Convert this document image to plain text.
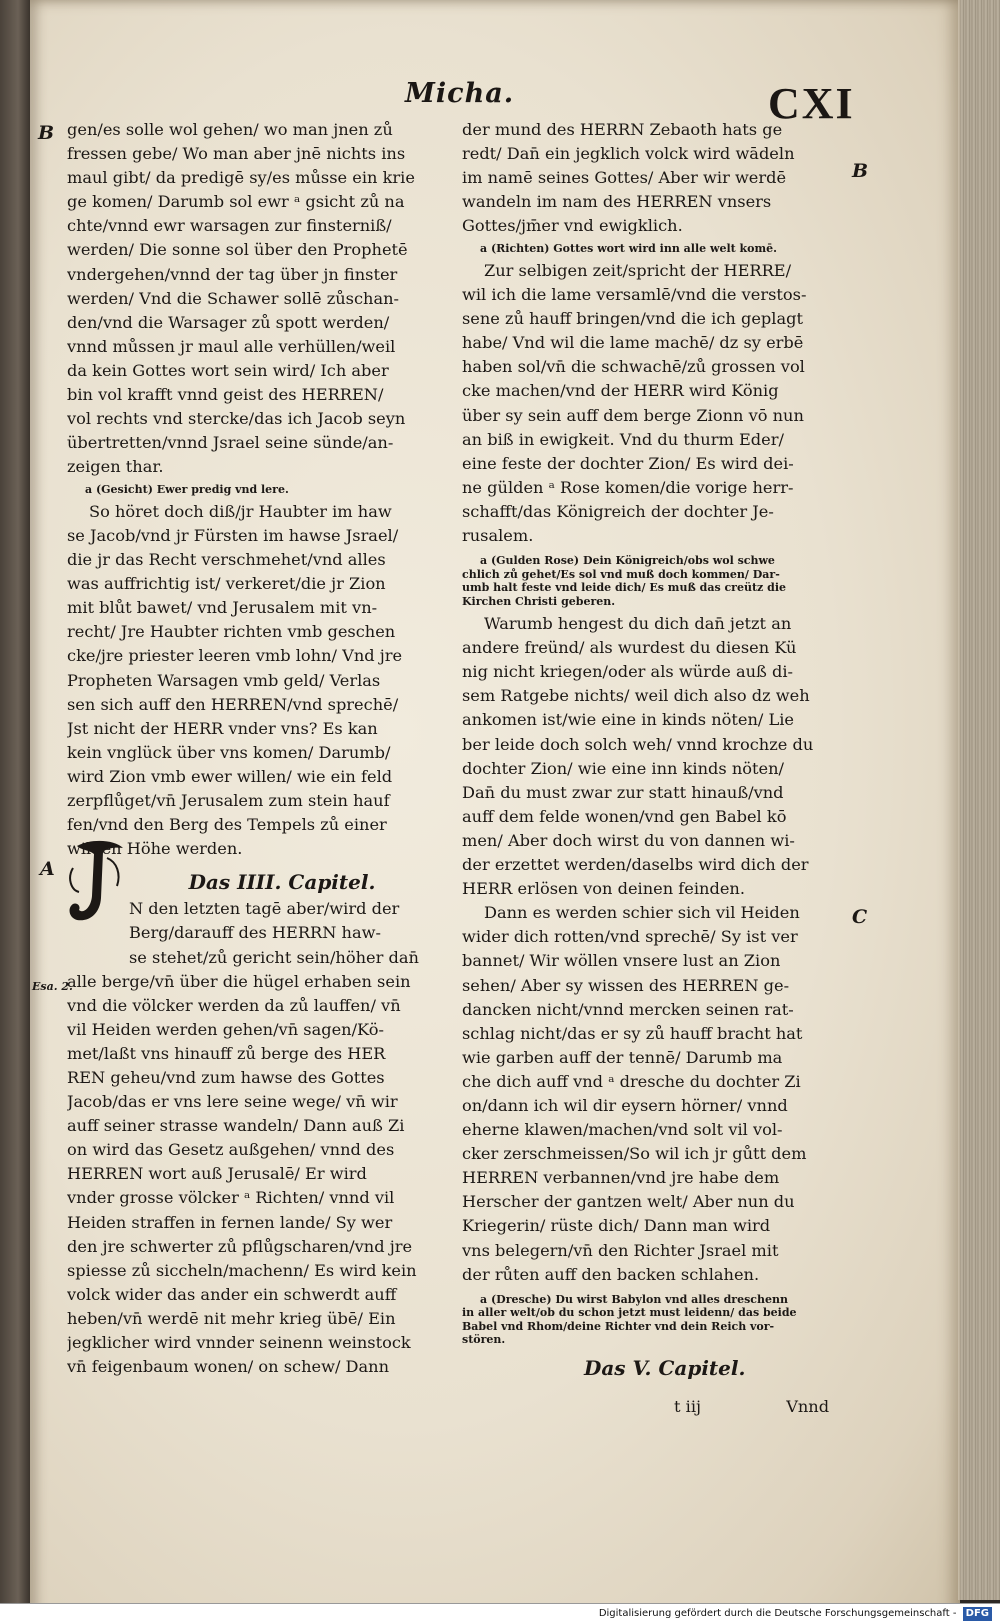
Micha.	CXI
B
B
A
C
Esa. 2.
gen/es solle wol gehen/ wo man jnen zů
fressen gebe/ Wo man aber jnē nichts ins
maul gibt/ da predigē sy/es můsse ein krie
ge komen/ Darumb sol ewr ᵃ gsicht zů na
chte/vnnd ewr warsagen zur finsterniß/
werden/ Die sonne sol über den Prophetē
vndergehen/vnnd der tag über jn finster
werden/ Vnd die Schawer sollē zůschan-
den/vnd die Warsager zů spott werden/
vnnd můssen jr maul alle verhüllen/weil
da kein Gottes wort sein wird/ Ich aber
bin vol krafft vnnd geist des HERREN/
vol rechts vnd stercke/das ich Jacob seyn
übertretten/vnnd Jsrael seine sünde/an-
zeigen thar.
a (Gesicht) Ewer predig vnd lere.
So höret doch diß/jr Haubter im haw
se Jacob/vnd jr Fürsten im hawse Jsrael/
die jr das Recht verschmehet/vnd alles
was auffrichtig ist/ verkeret/die jr Zion
mit blůt bawet/ vnd Jerusalem mit vn-
recht/ Jre Haubter richten vmb geschen
cke/jre priester leeren vmb lohn/ Vnd jre
Propheten Warsagen vmb geld/ Verlas
sen sich auff den HERREN/vnd sprechē/
Jst nicht der HERR vnder vns? Es kan
kein vnglück über vns komen/ Darumb/
wird Zion vmb ewer willen/ wie ein feld
zerpflůget/vn̄ Jerusalem zum stein hauf
fen/vnd den Berg des Tempels zů einer
wilden Höhe werden.
Das IIII. Capitel.
N den letzten tagē aber/wird der
Berg/darauff des HERRN haw-
se stehet/zů gericht sein/höher dan̄
alle berge/vn̄ über die hügel erhaben sein
vnd die völcker werden da zů lauffen/ vn̄
vil Heiden werden gehen/vn̄ sagen/Kö-
met/laßt vns hinauff zů berge des HER
REN geheu/vnd zum hawse des Gottes
Jacob/das er vns lere seine wege/ vn̄ wir
auff seiner strasse wandeln/ Dann auß Zi
on wird das Gesetz außgehen/ vnnd des
HERREN wort auß Jerusalē/ Er wird
vnder grosse völcker ᵃ Richten/ vnnd vil
Heiden straffen in fernen lande/ Sy wer
den jre schwerter zů pflůgscharen/vnd jre
spiesse zů siccheln/machenn/ Es wird kein
volck wider das ander ein schwerdt auff
heben/vn̄ werdē nit mehr krieg übē/ Ein
jegklicher wird vnnder seinenn weinstock
vn̄ feigenbaum wonen/ on schew/ Dann
der mund des HERRN Zebaoth hats ge
redt/ Dan̄ ein jegklich volck wird wādeln
im namē seines Gottes/ Aber wir werdē
wandeln im nam des HERREN vnsers
Gottes/jm̄er vnd ewigklich.
a (Richten) Gottes wort wird inn alle welt komē.
Zur selbigen zeit/spricht der HERRE/
wil ich die lame versamlē/vnd die verstos-
sene zů hauff bringen/vnd die ich geplagt
habe/ Vnd wil die lame machē/ dz sy erbē
haben sol/vn̄ die schwachē/zů grossen vol
cke machen/vnd der HERR wird König
über sy sein auff dem berge Zionn vō nun
an biß in ewigkeit. Vnd du thurm Eder/
eine feste der dochter Zion/ Es wird dei-
ne gülden ᵃ Rose komen/die vorige herr-
schafft/das Königreich der dochter Je-
rusalem.
a (Gulden Rose) Dein Königreich/obs wol schwe
chlich zů gehet/Es sol vnd muß doch kommen/ Dar-
umb halt feste vnd leide dich/ Es muß das creütz die
Kirchen Christi geberen.
Warumb hengest du dich dan̄ jetzt an
andere freünd/ als wurdest du diesen Kü
nig nicht kriegen/oder als würde auß di-
sem Ratgebe nichts/ weil dich also dz weh
ankomen ist/wie eine in kinds nöten/ Lie
ber leide doch solch weh/ vnnd krochze du
dochter Zion/ wie eine inn kinds nöten/
Dan̄ du must zwar zur statt hinauß/vnd
auff dem felde wonen/vnd gen Babel kō
men/ Aber doch wirst du von dannen wi-
der erzettet werden/daselbs wird dich der
HERR erlösen von deinen feinden.
Dann es werden schier sich vil Heiden
wider dich rotten/vnd sprechē/ Sy ist ver
bannet/ Wir wöllen vnsere lust an Zion
sehen/ Aber sy wissen des HERREN ge-
dancken nicht/vnnd mercken seinen rat-
schlag nicht/das er sy zů hauff bracht hat
wie garben auff der tennē/ Darumb ma
che dich auff vnd ᵃ dresche du dochter Zi
on/dann ich wil dir eysern hörner/ vnnd
eherne klawen/machen/vnd solt vil vol-
cker zerschmeissen/So wil ich jr gůtt dem
HERREN verbannen/vnd jre habe dem
Herscher der gantzen welt/ Aber nun du
Kriegerin/ rüste dich/ Dann man wird
vns belegern/vn̄ den Richter Jsrael mit
der růten auff den backen schlahen.
a (Dresche) Du wirst Babylon vnd alles dreschenn
in aller welt/ob du schon jetzt must leidenn/ das beide
Babel vnd Rhom/deine Richter vnd dein Reich vor-
stören.
Das V. Capitel.
t iij	Vnnd
Digitalisierung gefördert durch die Deutsche Forschungsgemeinschaft - DFG
